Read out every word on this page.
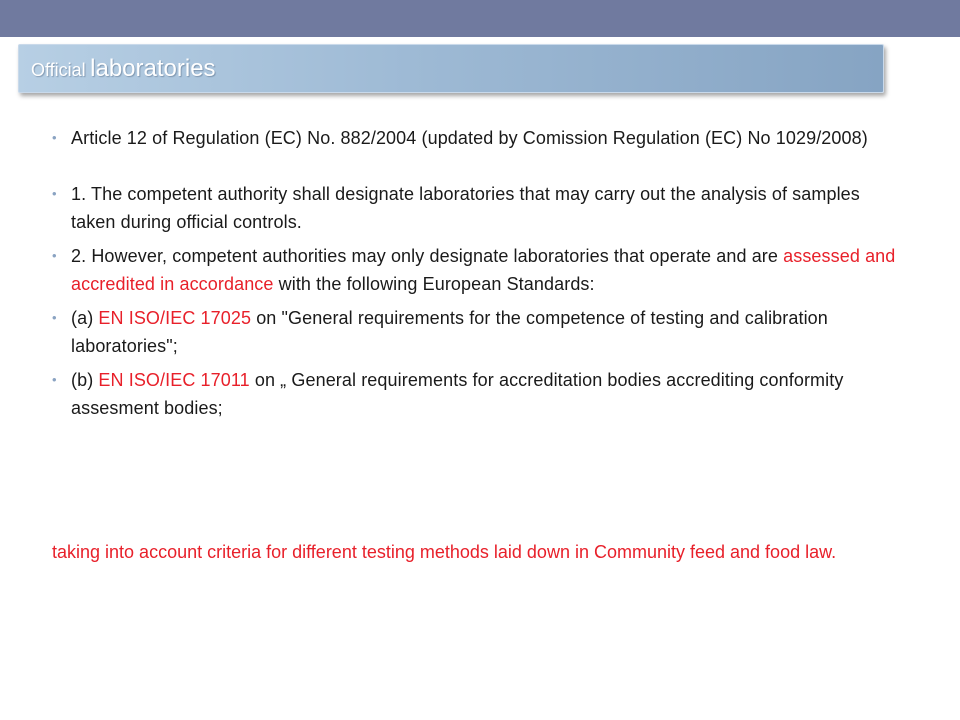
Official laboratories
• Article 12 of Regulation (EC) No. 882/2004 (updated by Comission Regulation (EC) No 1029/2008)
• 1. The competent authority shall designate laboratories that may carry out the analysis of samples taken during official controls.
• 2. However, competent authorities may only designate laboratories that operate and are assessed and accredited in accordance with the following European Standards:
• (a) EN ISO/IEC 17025 on "General requirements for the competence of testing and calibration laboratories";
• (b) EN ISO/IEC 17011 on „ General requirements for accreditation bodies accrediting conformity assesment bodies;
taking into account criteria for different testing methods laid down in Community feed and food law.
